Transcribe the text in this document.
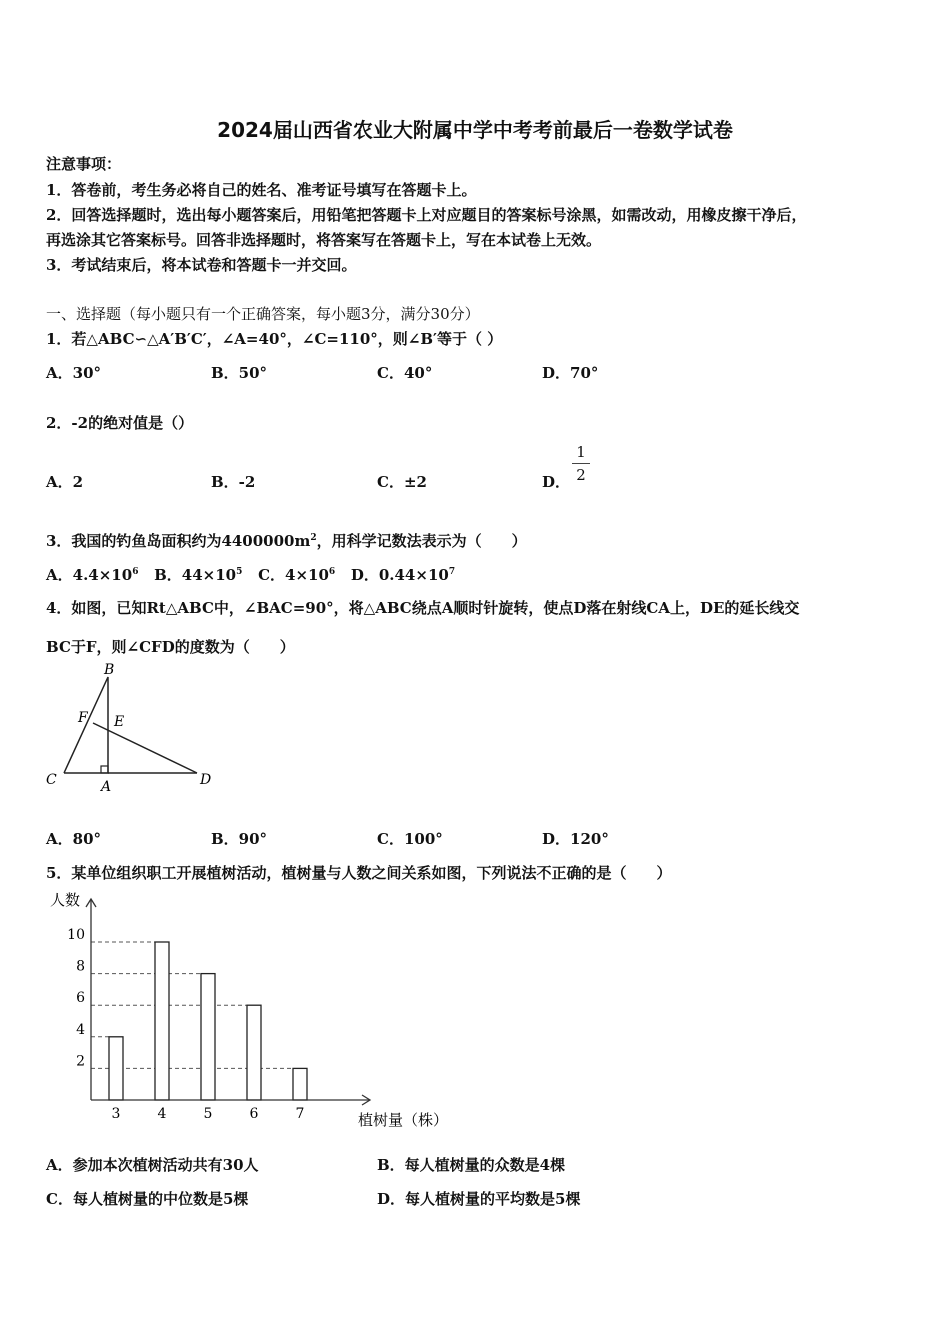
2024届山西省农业大附属中学中考考前最后一卷数学试卷
注意事项：
1．答卷前，考生务必将自己的姓名、准考证号填写在答题卡上。
2．回答选择题时，选出每小题答案后，用铅笔把答题卡上对应题目的答案标号涂黑，如需改动，用橡皮擦干净后，
再选涂其它答案标号。回答非选择题时，将答案写在答题卡上，写在本试卷上无效。
3．考试结束后，将本试卷和答题卡一并交回。
一、选择题（每小题只有一个正确答案，每小题3分，满分30分）
1．若△ABC∽△A′B′C′，∠A=40°，∠C=110°，则∠B′等于（ ）
A．30°	B．50°	C．40°	D．70°
2．-2的绝对值是（）
A．2	B．-2	C．±2	D．
1
2
3．我国的钓鱼岛面积约为$4400000m^2$，用科学记数法表示为（　　）
A．$4.4\times 10^6$ B．$44\times 10^5$ C．$4\times 10^6$ D．$0.44\times 10^7$
4．如图，已知Rt△ABC中，∠BAC=90°，将△ABC绕点A顺时针旋转，使点D落在射线CA上，DE的延长线交
BC于F，则∠CFD的度数为（　　）
B
F E
C	A	D
A．80°	B．90°	C．100°	D．120°
5．某单位组织职工开展植树活动，植树量与人数之间关系如图，下列说法不正确的是（　　）
人数
植树量（株）
3	4	5	6	7
2
4
6
8
10
A．参加本次植树活动共有30人	B．每人植树量的众数是4棵
C．每人植树量的中位数是5棵	D．每人植树量的平均数是5棵
